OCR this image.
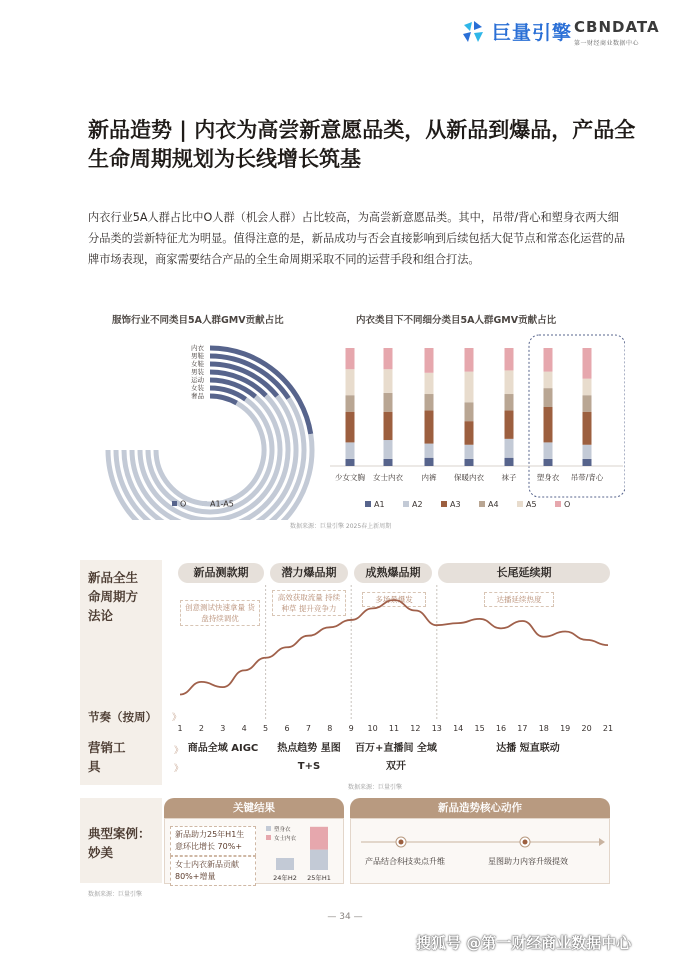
巨量引擎 CBNDATA
第一财经商业数据中心
新品造势 | 内衣为高尝新意愿品类，从新品到爆品，产品全生命周期规划为长线增长筑基
内衣行业5A人群占比中O人群（机会人群）占比较高，为高尝新意愿品类。其中，吊带/背心和塑身衣两大细分品类的尝新特征尤为明显。值得注意的是，新品成功与否会直接影响到后续包括大促节点和常态化运营的品牌市场表现，商家需要结合产品的全生命周期采取不同的运营手段和组合打法。
服饰行业不同类目5A人群GMV贡献占比
内衣
男鞋
女鞋
男装
运动
女装
奢品
O	A1-A5
内衣类目下不同细分类目5A人群GMV贡献占比
少女文胸 女士内衣 内裤 保暖内衣 袜子	塑身衣 吊带/背心
A1	A2	A3	A4	A5	O
数据来源：巨量引擎 2025春上新周期
新品全生命周期方法论
节奏（按周）
营销工具
新品测款期	潜力爆品期	成熟爆品期	长尾延续期
创意测试快速拿量 货盘持续调优
高效获取流量 持续种草 提升竞争力
多场景爆发	达播延续热度
1	2	3	4	5	6	7	8	9	10	11	12	13	14	15	16	17	18	19	20	21
》
商品全域 AIGC	热点趋势 星图T+S
百万+直播间 全域双开
达播 短直联动
》
》
数据来源：巨量引擎
典型案例：妙美
关键结果
新品助力25年H1生意环比增长 70%+
女士内衣新品贡献 80%+增量	24年H2 25年H1
塑身衣
女士内衣
新品造势核心动作
产品结合科技卖点升维	星图助力内容升级提效
数据来源：巨量引擎
— 34 —
搜狐号 @第一财经商业数据中心
